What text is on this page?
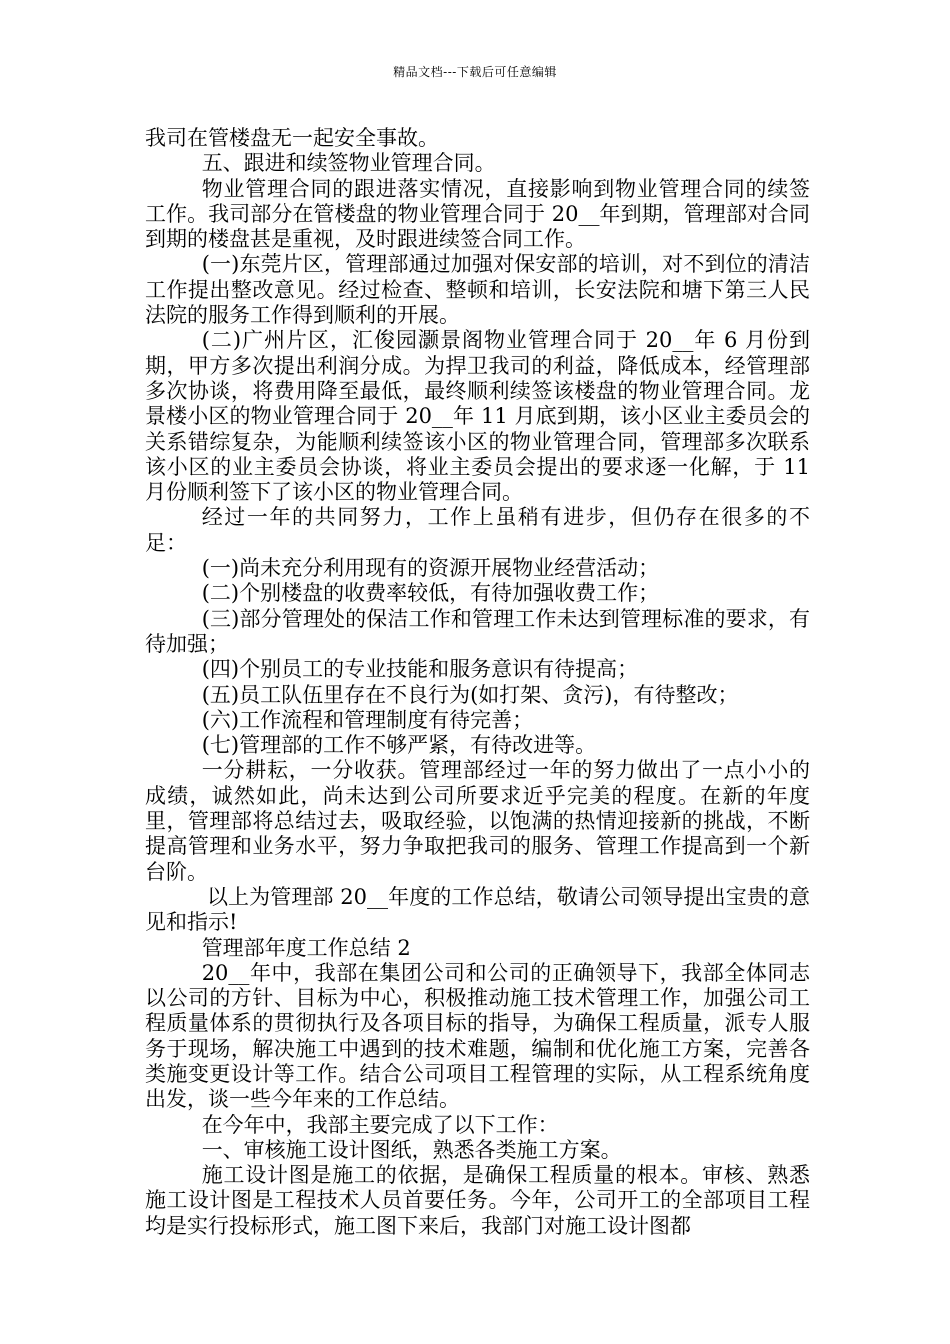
精品文档---下载后可任意编辑

我司在管楼盘无一起安全事故。

五、跟进和续签物业管理合同。

物业管理合同的跟进落实情况，直接影响到物业管理合同的续签工作。我司部分在管楼盘的物业管理合同于 20__年到期，管理部对合同到期的楼盘甚是重视，及时跟进续签合同工作。

(一)东莞片区，管理部通过加强对保安部的培训，对不到位的清洁工作提出整改意见。经过检查、整顿和培训，长安法院和塘下第三人民法院的服务工作得到顺利的开展。

(二)广州片区，汇俊园灏景阁物业管理合同于 20__年 6 月份到期，甲方多次提出利润分成。为捍卫我司的利益，降低成本，经管理部多次协谈，将费用降至最低，最终顺利续签该楼盘的物业管理合同。龙景楼小区的物业管理合同于 20__年 11 月底到期，该小区业主委员会的关系错综复杂，为能顺利续签该小区的物业管理合同，管理部多次联系该小区的业主委员会协谈，将业主委员会提出的要求逐一化解，于 11 月份顺利签下了该小区的物业管理合同。

经过一年的共同努力，工作上虽稍有进步，但仍存在很多的不足：

(一)尚未充分利用现有的资源开展物业经营活动；

(二)个别楼盘的收费率较低，有待加强收费工作；

(三)部分管理处的保洁工作和管理工作未达到管理标准的要求，有待加强；

(四)个别员工的专业技能和服务意识有待提高；

(五)员工队伍里存在不良行为(如打架、贪污)，有待整改；

(六)工作流程和管理制度有待完善；

(七)管理部的工作不够严紧，有待改进等。

一分耕耘，一分收获。管理部经过一年的努力做出了一点小小的成绩，诚然如此，尚未达到公司所要求近乎完美的程度。在新的年度里，管理部将总结过去，吸取经验，以饱满的热情迎接新的挑战，不断提高管理和业务水平，努力争取把我司的服务、管理工作提高到一个新台阶。

以上为管理部 20__年度的工作总结，敬请公司领导提出宝贵的意见和指示!

管理部年度工作总结 2

20__年中，我部在集团公司和公司的正确领导下，我部全体同志以公司的方针、目标为中心，积极推动施工技术管理工作，加强公司工程质量体系的贯彻执行及各项目标的指导，为确保工程质量，派专人服务于现场，解决施工中遇到的技术难题，编制和优化施工方案，完善各类施变更设计等工作。结合公司项目工程管理的实际，从工程系统角度出发，谈一些今年来的工作总结。

在今年中，我部主要完成了以下工作：

一、审核施工设计图纸，熟悉各类施工方案。

施工设计图是施工的依据，是确保工程质量的根本。审核、熟悉施工设计图是工程技术人员首要任务。今年，公司开工的全部项目工程均是实行投标形式，施工图下来后，我部门对施工设计图都
